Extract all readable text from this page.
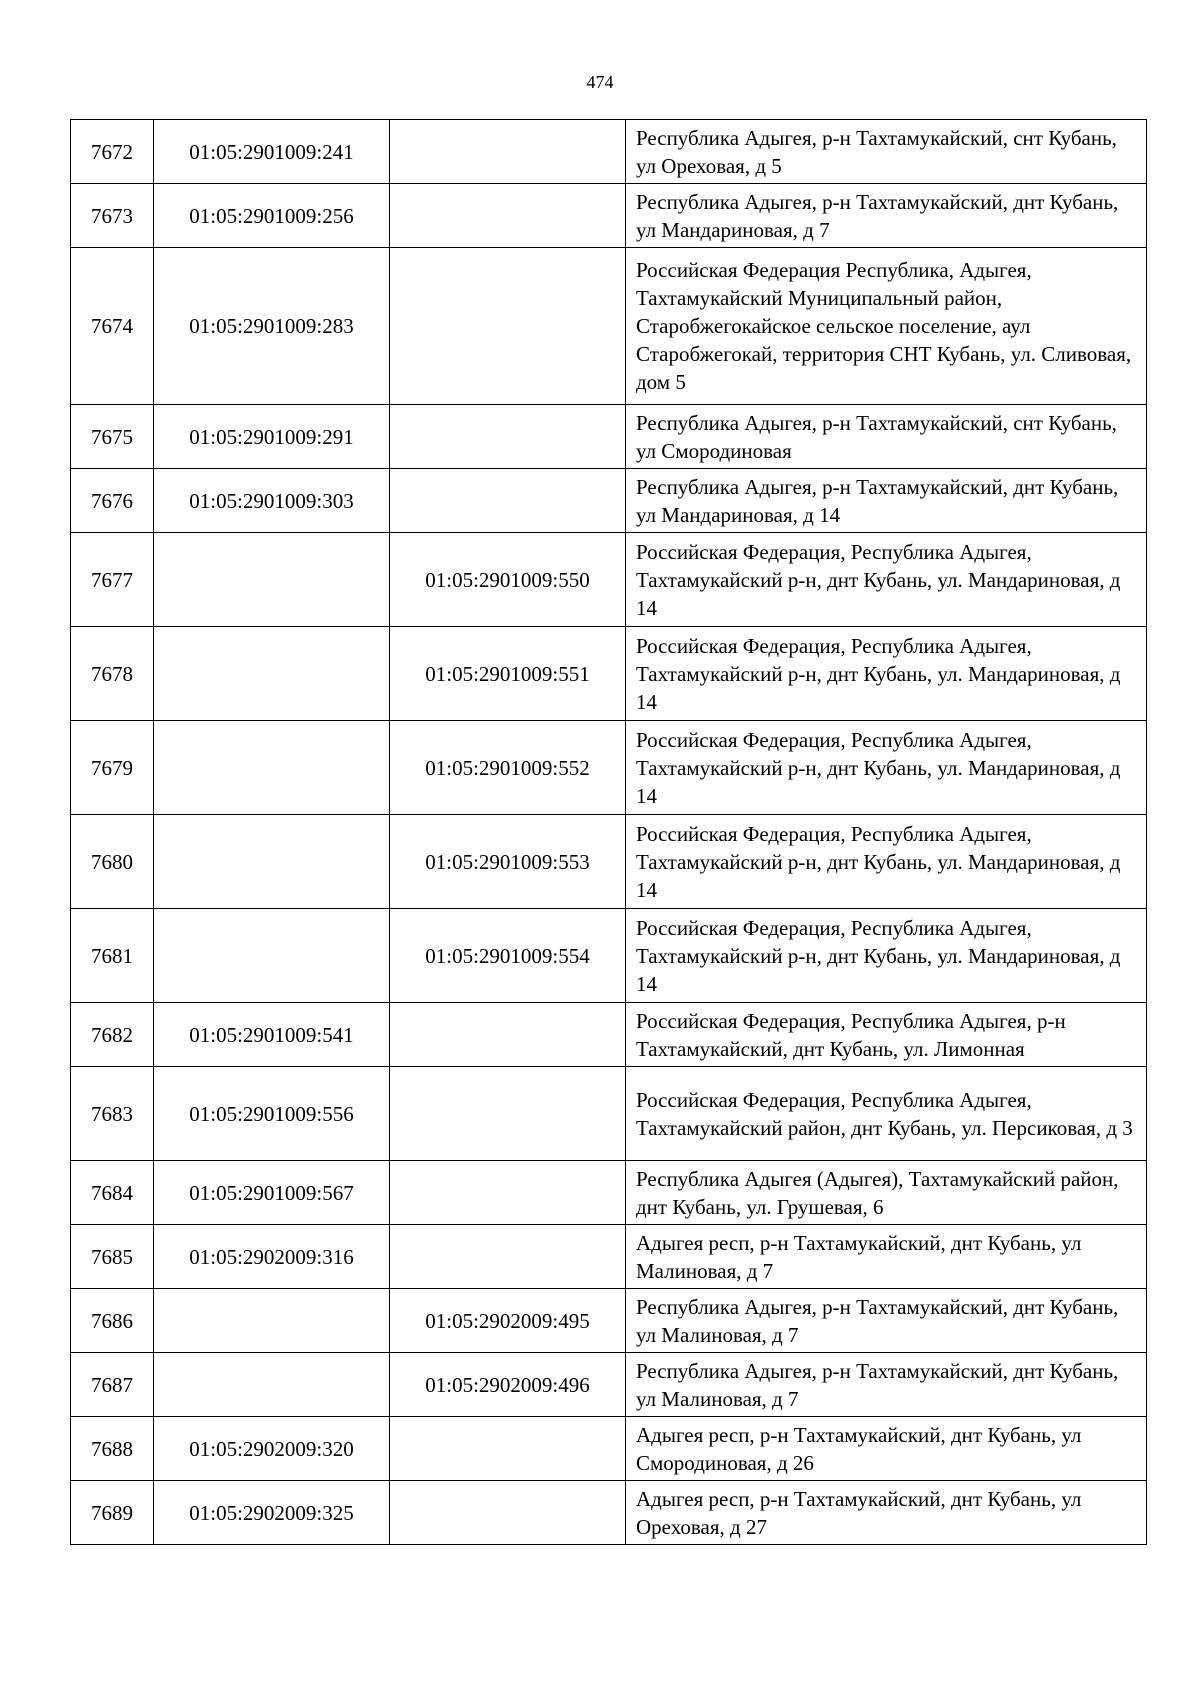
474
7672	01:05:2901009:241		Республика Адыгея, р-н Тахтамукайский, снт Кубань, ул Ореховая, д 5
7673	01:05:2901009:256		Республика Адыгея, р-н Тахтамукайский, днт Кубань, ул Мандариновая, д 7
7674	01:05:2901009:283		Российская Федерация Республика, Адыгея, Тахтамукайский Муниципальный район, Старобжегокайское сельское поселение, аул Старобжегокай, территория СНТ Кубань, ул. Сливовая, дом 5
7675	01:05:2901009:291		Республика Адыгея, р-н Тахтамукайский, снт Кубань, ул Смородиновая
7676	01:05:2901009:303		Республика Адыгея, р-н Тахтамукайский, днт Кубань, ул Мандариновая, д 14
7677		01:05:2901009:550	Российская Федерация, Республика Адыгея, Тахтамукайский р-н, днт Кубань, ул. Мандариновая, д 14
7678		01:05:2901009:551	Российская Федерация, Республика Адыгея, Тахтамукайский р-н, днт Кубань, ул. Мандариновая, д 14
7679		01:05:2901009:552	Российская Федерация, Республика Адыгея, Тахтамукайский р-н, днт Кубань, ул. Мандариновая, д 14
7680		01:05:2901009:553	Российская Федерация, Республика Адыгея, Тахтамукайский р-н, днт Кубань, ул. Мандариновая, д 14
7681		01:05:2901009:554	Российская Федерация, Республика Адыгея, Тахтамукайский р-н, днт Кубань, ул. Мандариновая, д 14
7682	01:05:2901009:541		Российская Федерация, Республика Адыгея, р-н Тахтамукайский, днт Кубань, ул. Лимонная
7683	01:05:2901009:556		Российская Федерация, Республика Адыгея, Тахтамукайский район, днт Кубань, ул. Персиковая, д 3
7684	01:05:2901009:567		Республика Адыгея (Адыгея), Тахтамукайский район, днт Кубань, ул. Грушевая, 6
7685	01:05:2902009:316		Адыгея респ, р-н Тахтамукайский, днт Кубань, ул Малиновая, д 7
7686		01:05:2902009:495	Республика Адыгея, р-н Тахтамукайский, днт Кубань, ул Малиновая, д 7
7687		01:05:2902009:496	Республика Адыгея, р-н Тахтамукайский, днт Кубань, ул Малиновая, д 7
7688	01:05:2902009:320		Адыгея респ, р-н Тахтамукайский, днт Кубань, ул Смородиновая, д 26
7689	01:05:2902009:325		Адыгея респ, р-н Тахтамукайский, днт Кубань, ул Ореховая, д 27
